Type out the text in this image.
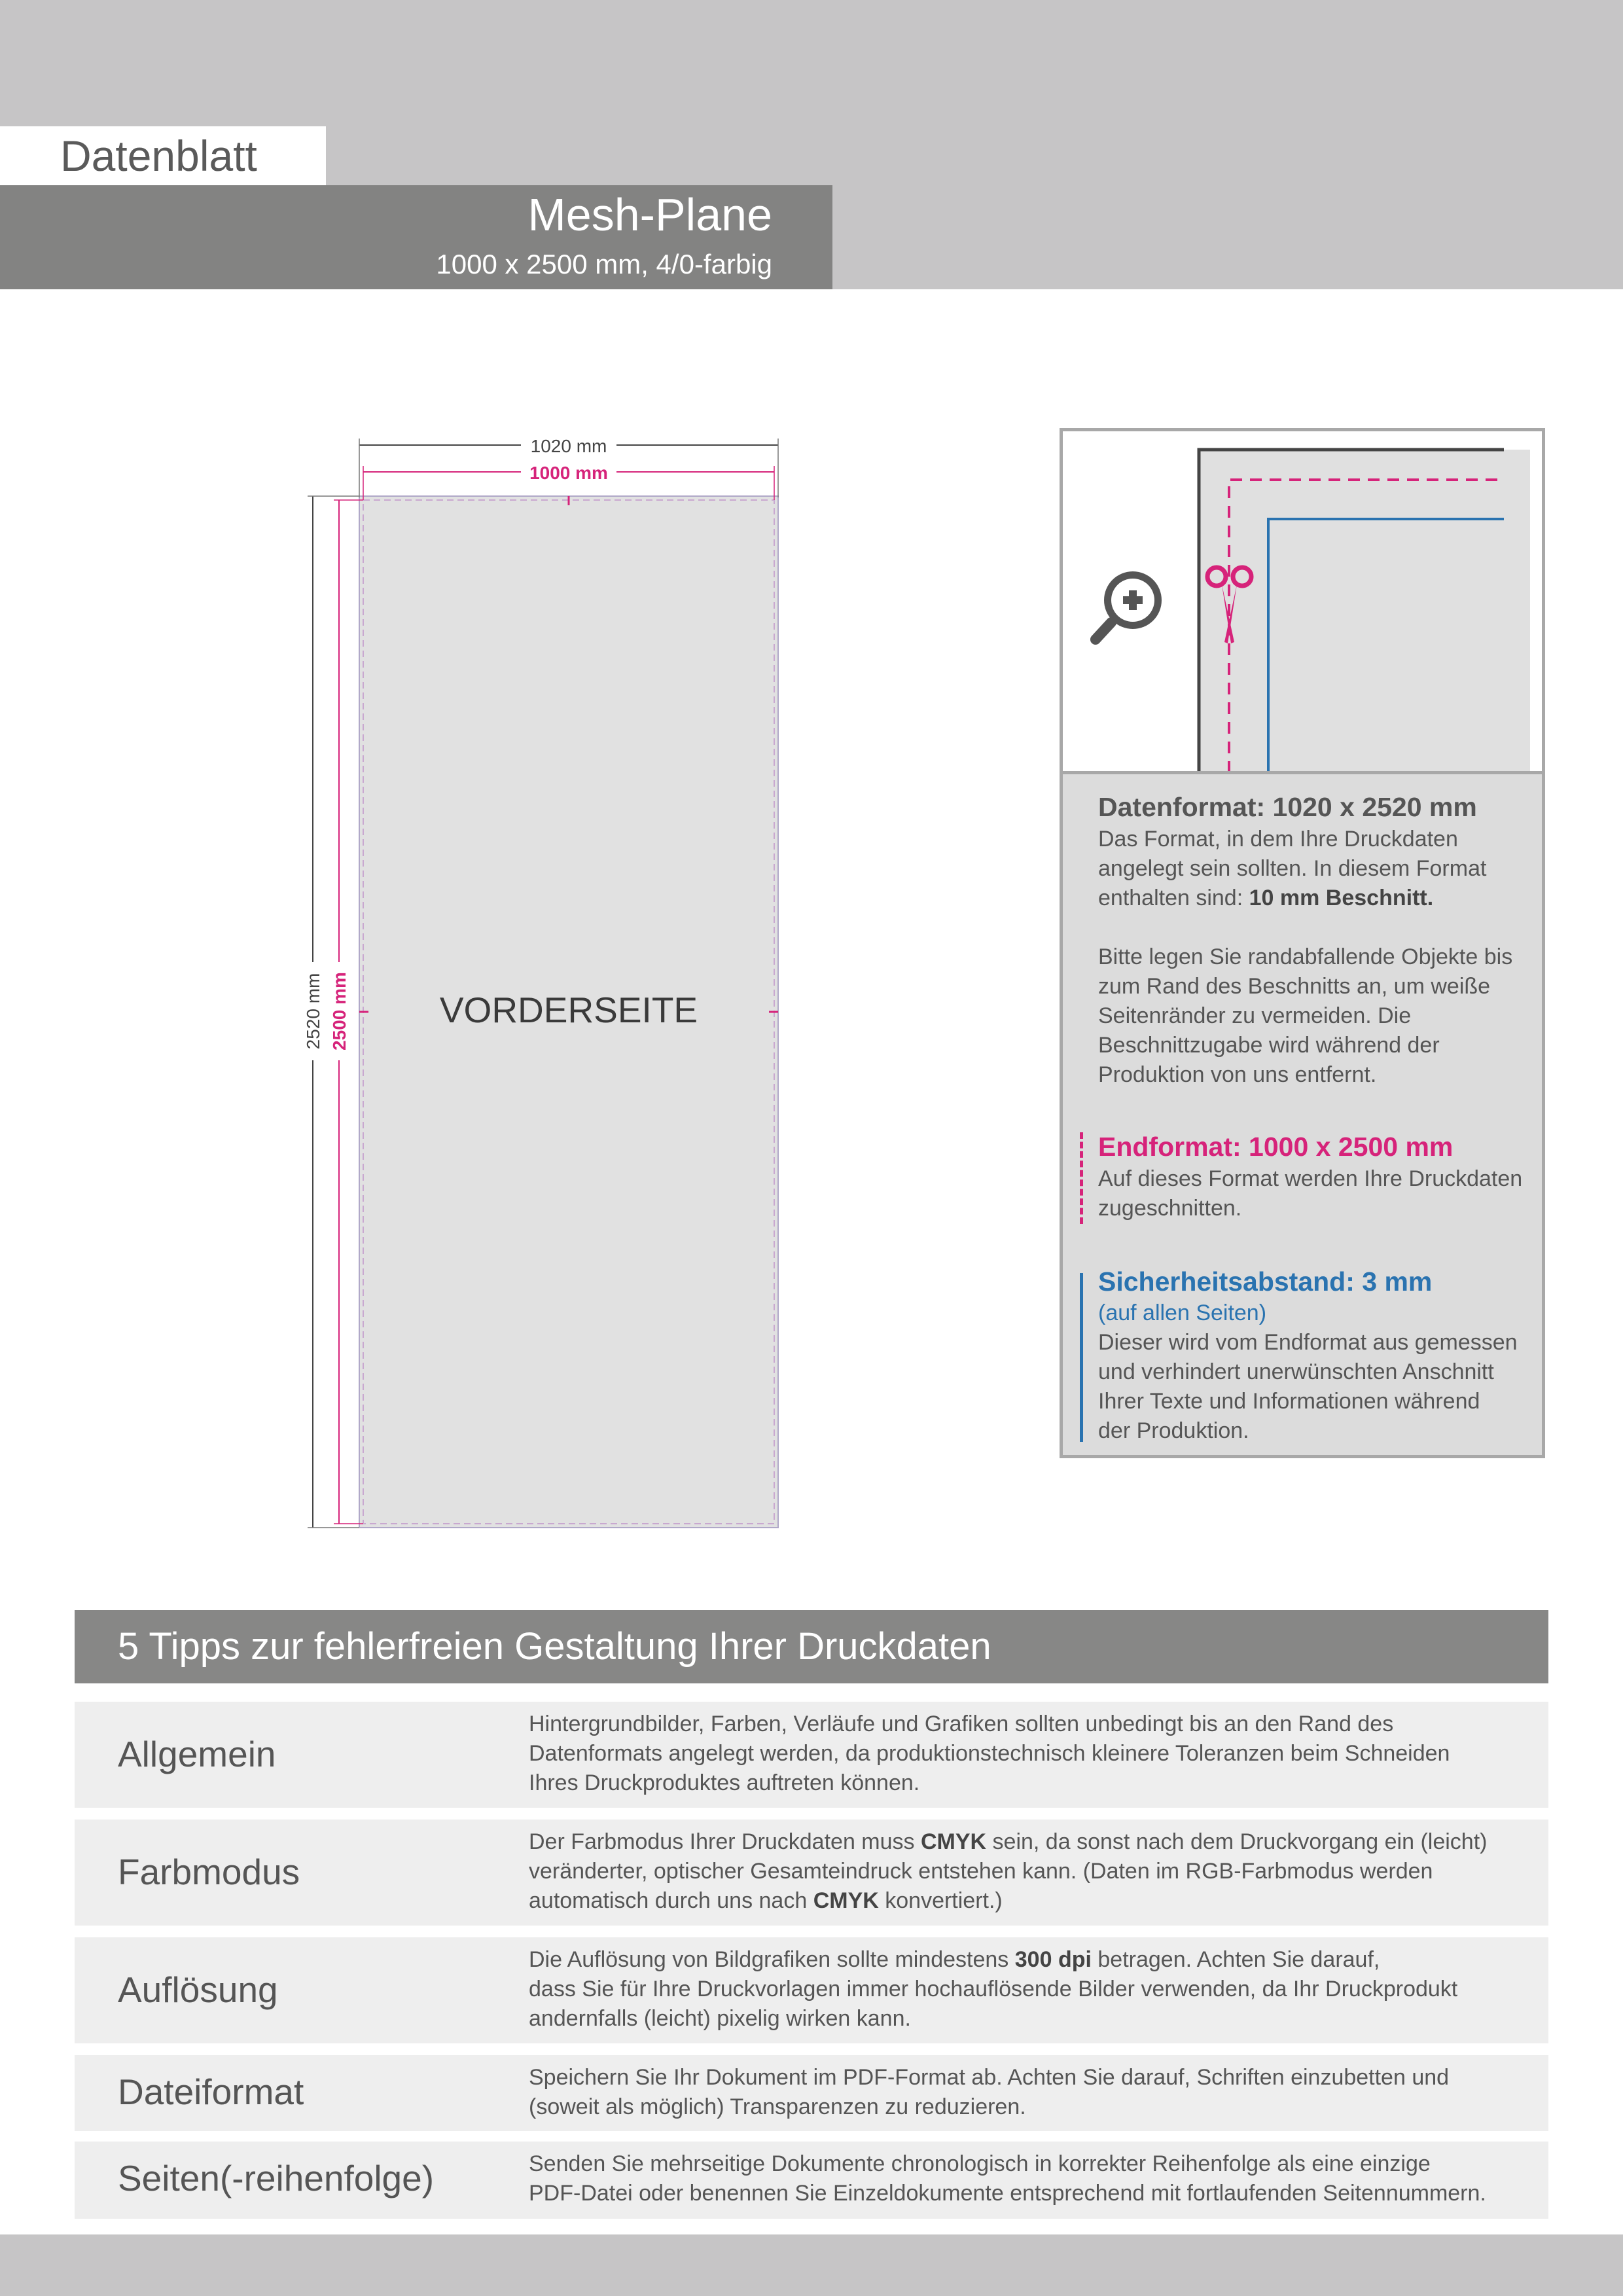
Datenblatt
Mesh-Plane
1000 x 2500 mm, 4/0-farbig
1020 mm
1000 mm
2520 mm 2500 mm	VORDERSEITE
Datenformat: 1020 x 2520 mm
Das Format, in dem Ihre Druckdaten
angelegt sein sollten. In diesem Format
enthalten sind: 10 mm Beschnitt.
Bitte legen Sie randabfallende Objekte bis
zum Rand des Beschnitts an, um weiße
Seitenränder zu vermeiden. Die
Beschnittzugabe wird während der
Produktion von uns entfernt.
Endformat: 1000 x 2500 mm
Auf dieses Format werden Ihre Druckdaten
zugeschnitten.
Sicherheitsabstand: 3 mm
(auf allen Seiten)
Dieser wird vom Endformat aus gemessen
und verhindert unerwünschten Anschnitt
Ihrer Texte und Informationen während
der Produktion.
5 Tipps zur fehlerfreien Gestaltung Ihrer Druckdaten
Allgemein
Hintergrundbilder, Farben, Verläufe und Grafiken sollten unbedingt bis an den Rand des
Datenformats angelegt werden, da produktionstechnisch kleinere Toleranzen beim Schneiden
Ihres Druckproduktes auftreten können.
Farbmodus
Der Farbmodus Ihrer Druckdaten muss CMYK sein, da sonst nach dem Druckvorgang ein (leicht)
veränderter, optischer Gesamteindruck entstehen kann. (Daten im RGB-Farbmodus werden
automatisch durch uns nach CMYK konvertiert.)
Auflösung
Die Auflösung von Bildgrafiken sollte mindestens 300 dpi betragen. Achten Sie darauf,
dass Sie für Ihre Druckvorlagen immer hochauflösende Bilder verwenden, da Ihr Druckprodukt
andernfalls (leicht) pixelig wirken kann.
Dateiformat	Speichern Sie Ihr Dokument im PDF-Format ab. Achten Sie darauf, Schriften einzubetten und
(soweit als möglich) Transparenzen zu reduzieren.
Seiten(-reihenfolge)	Senden Sie mehrseitige Dokumente chronologisch in korrekter Reihenfolge als eine einzige
PDF-Datei oder benennen Sie Einzeldokumente entsprechend mit fortlaufenden Seitennummern.
